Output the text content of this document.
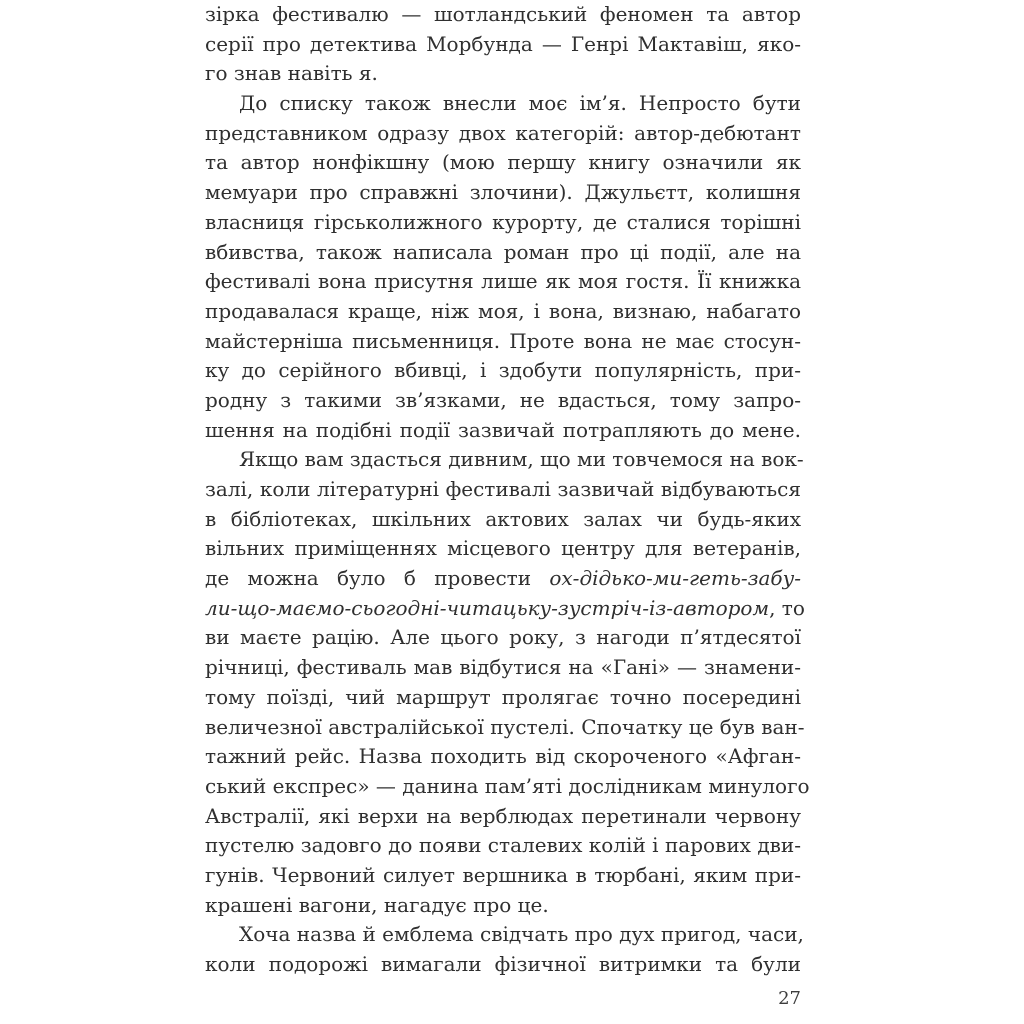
зірка фестивалю — шотландський феномен та автор
серії про детектива Морбунда — Генрі Мактавіш, яко-
го знав навіть я.
До списку також внесли моє ім’я. Непросто бути
представником одразу двох категорій: автор-дебютант
та автор нонфікшну (мою першу книгу означили як
мемуари про справжні злочини). Джульєтт, колишня
власниця гірськолижного курорту, де сталися торішні
вбивства, також написала роман про ці події, але на
фестивалі вона присутня лише як моя гостя. Її книжка
продавалася краще, ніж моя, і вона, визнаю, набагато
майстерніша письменниця. Проте вона не має стосун-
ку до серійного вбивці, і здобути популярність, при-
родну з такими зв’язками, не вдасться, тому запро-
шення на подібні події зазвичай потрапляють до мене.
Якщо вам здасться дивним, що ми товчемося на вок-
залі, коли літературні фестивалі зазвичай відбуваються
в бібліотеках, шкільних актових залах чи будь-яких
вільних приміщеннях місцевого центру для ветеранів,
де можна було б провести ох-дідько-ми-геть-забу-
ли-що-маємо-сьогодні-читацьку-зустріч-із-автором, то
ви маєте рацію. Але цього року, з нагоди п’ятдесятої
річниці, фестиваль мав відбутися на «Гані» — знамени-
тому поїзді, чий маршрут пролягає точно посередині
величезної австралійської пустелі. Спочатку це був ван-
тажний рейс. Назва походить від скороченого «Афган-
ський експрес» — данина пам’яті дослідникам минулого
Австралії, які верхи на верблюдах перетинали червону
пустелю задовго до появи сталевих колій і парових дви-
гунів. Червоний силует вершника в тюрбані, яким при-
крашені вагони, нагадує про це.
Хоча назва й емблема свідчать про дух пригод, часи,
коли подорожі вимагали фізичної витримки та були
27
